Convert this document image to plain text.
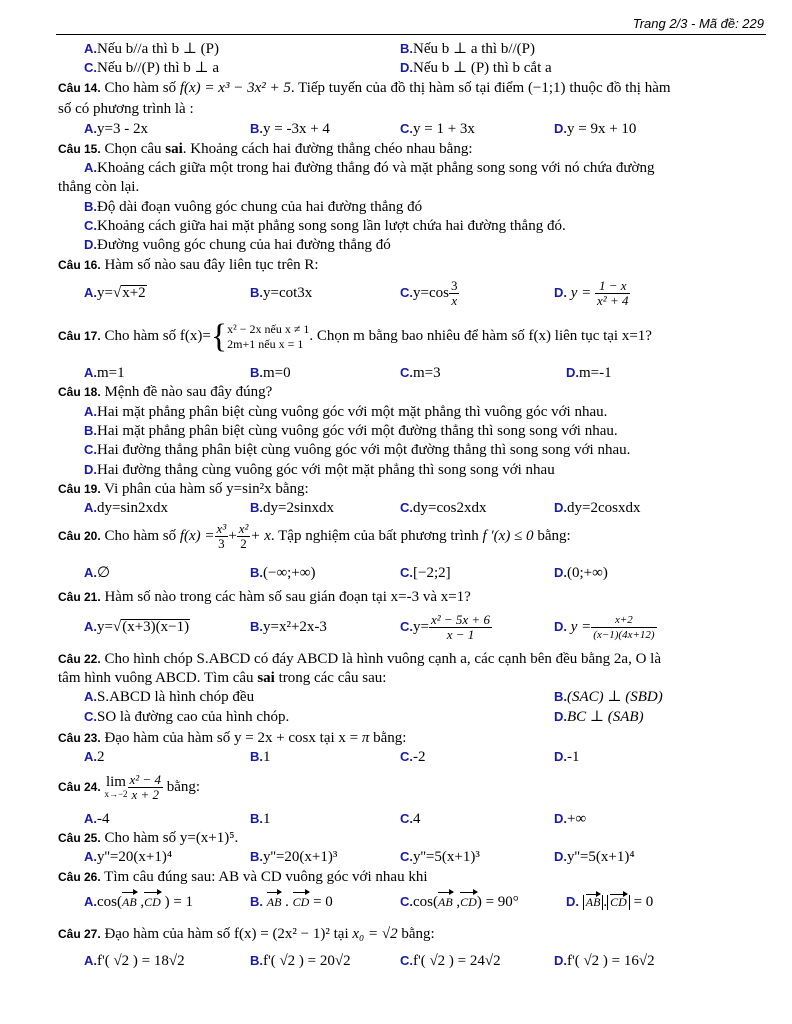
Trang 2/3 - Mã đề: 229
A.Nếu b//a thì b ⊥ (P)	B.Nếu b ⊥ a thì b//(P)
C.Nếu b//(P) thì b ⊥ a	D.Nếu b ⊥ (P) thì b cắt a
Câu 14. Cho hàm số f(x) = x³ − 3x² + 5. Tiếp tuyến của đồ thị hàm số tại điểm (−1;1) thuộc đồ thị hàm
số có phương trình là :
A.y=3 - 2x	B.y = -3x + 4	C.y = 1 + 3x	D.y = 9x + 10
Câu 15. Chọn câu sai. Khoảng cách hai đường thẳng chéo nhau bằng:
A.Khoảng cách giữa một trong hai đường thẳng đó và mặt phẳng song song với nó chứa đường
thẳng còn lại.
B.Độ dài đoạn vuông góc chung của hai đường thẳng đó
C.Khoảng cách giữa hai mặt phẳng song song lần lượt chứa hai đường thẳng đó.
D.Đường vuông góc chung của hai đường thẳng đó
Câu 16. Hàm số nào sau đây liên tục trên R:
A.y=√x+2	B.y=cot3x	$C.y=\cos \frac{3}{x}$	D. $y = \frac{1 - x}{\text{x² + 4}}$
Câu 17. Cho hàm số f(x)={ x² − 2x nếu x ≠ 1
2m+1 nếu x = 1 . Chọn m bằng bao nhiêu để hàm số f(x) liên tục tại x=1?
A.m=1	B.m=0	C.m=3	D.m=-1
Câu 18. Mệnh đề nào sau đây đúng?
A.Hai mặt phẳng phân biệt cùng vuông góc với một mặt phẳng thì vuông góc với nhau.
B.Hai mặt phẳng phân biệt cùng vuông góc với một đường thẳng thì song song với nhau.
C.Hai đường thẳng phân biệt cùng vuông góc với một đường thẳng thì song song với nhau.
D.Hai đường thẳng cùng vuông góc với một mặt phẳng thì song song với nhau
Câu 19. Vi phân của hàm số y=sin²x bằng:
A.dy=sin2xdx	B.dy=2sinxdx	C.dy=cos2xdx	D.dy=2cosxdx
Câu 20. Cho hàm số $f(x) = \frac{\text{x³}}{3} + \frac{\text{x²}}{2} + x$. Tập nghiệm của bất phương trình f ′(x) ≤ 0 bằng:
A.∅	B.(−∞;+∞)	C.[−2;2]	D.(0;+∞)
Câu 21. Hàm số nào trong các hàm số sau gián đoạn tại x=-3 và x=1?
A.y=√(x+3)(x−1)	B.y=x²+2x-3	$C.y= \frac{\text{x² − 5x + 6}}{x - 1}$	D. $y = \frac{x+2}{(x-1)(4x+12)}$
Câu 22. Cho hình chóp S.ABCD có đáy ABCD là hình vuông cạnh a, các cạnh bên đều bằng 2a, O là
tâm hình vuông ABCD. Tìm câu sai trong các câu sau:
A.S.ABCD là hình chóp đều	B.(SAC) ⊥ (SBD)
C.SO là đường cao của hình chóp.	D.BC ⊥ (SAB)
Câu 23. Đạo hàm của hàm số y = 2x + cosx tại x = π bằng:
A.2	B.1	C.-2	D.-1
Câu 24. lim
$x\to-2 \frac{\text{x² − 4}}{x + 2}$ bằng:
A.-4	B.1	C.4	D.+∞
Câu 25. Cho hàm số y=(x+1)⁵.
A.y''=20(x+1)⁴	B.y''=20(x+1)³	C.y''=5(x+1)³	D.y''=5(x+1)⁴
Câu 26. Tìm câu đúng sau: AB và CD vuông góc với nhau khi
A.cos(AB ,CD ) = 1	B. AB . CD = 0	C.cos(AB ,CD) = 90°	D. AB . CD = 0
Câu 27. Đạo hàm của hàm số f(x) = (2x² − 1)² tại x₀ = √2 bằng:
A.f'( √2 ) = 18√2	B.f'( √2 ) = 20√2	C.f'( √2 ) = 24√2	D.f'( √2 ) = 16√2
